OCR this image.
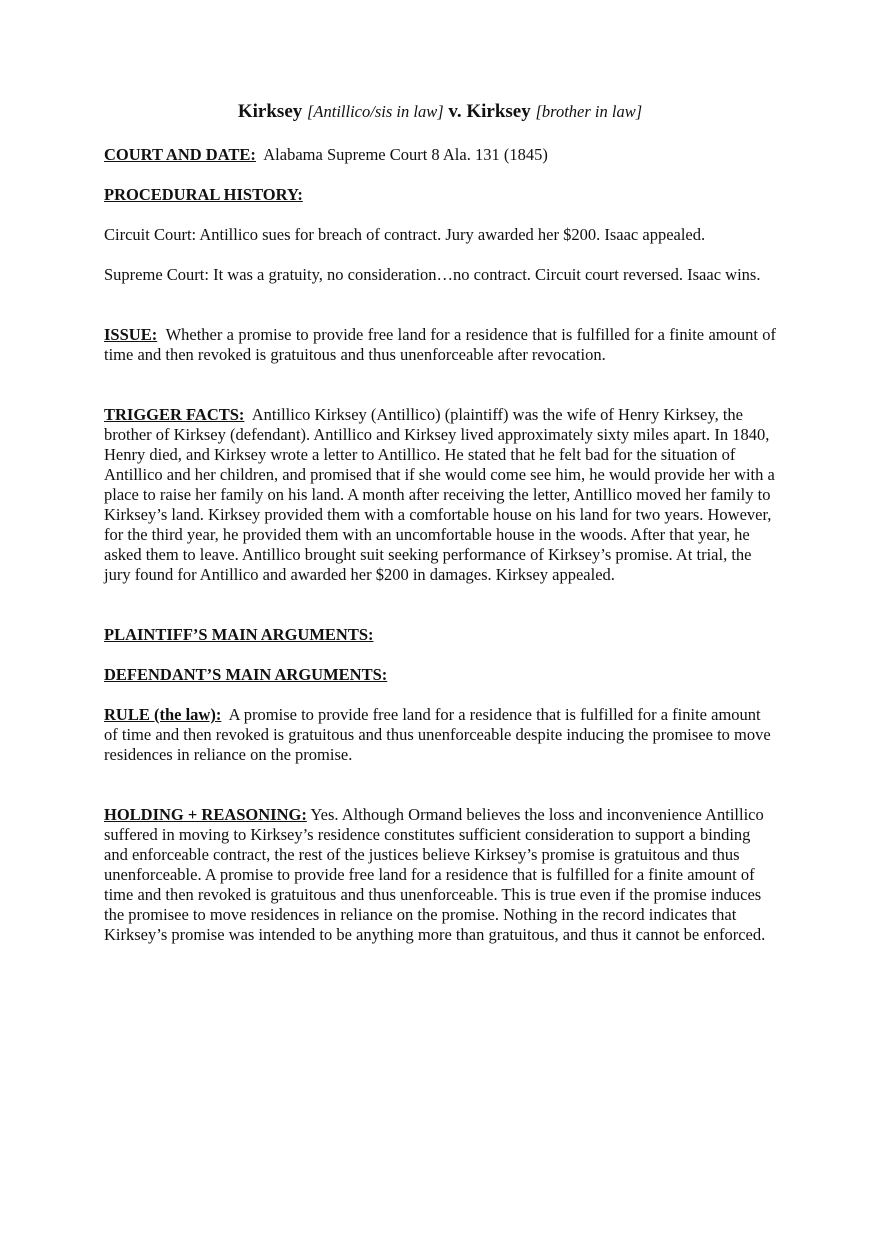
Kirksey [Antillico/sis in law] v. Kirksey [brother in law]
COURT AND DATE: Alabama Supreme Court 8 Ala. 131 (1845)
PROCEDURAL HISTORY:
Circuit Court: Antillico sues for breach of contract. Jury awarded her $200. Isaac appealed.
Supreme Court: It was a gratuity, no consideration…no contract. Circuit court reversed. Isaac wins.
ISSUE: Whether a promise to provide free land for a residence that is fulfilled for a finite amount of time and then revoked is gratuitous and thus unenforceable after revocation.
TRIGGER FACTS: Antillico Kirksey (Antillico) (plaintiff) was the wife of Henry Kirksey, the brother of Kirksey (defendant). Antillico and Kirksey lived approximately sixty miles apart. In 1840, Henry died, and Kirksey wrote a letter to Antillico. He stated that he felt bad for the situation of Antillico and her children, and promised that if she would come see him, he would provide her with a place to raise her family on his land. A month after receiving the letter, Antillico moved her family to Kirksey’s land. Kirksey provided them with a comfortable house on his land for two years. However, for the third year, he provided them with an uncomfortable house in the woods. After that year, he asked them to leave. Antillico brought suit seeking performance of Kirksey’s promise. At trial, the jury found for Antillico and awarded her $200 in damages. Kirksey appealed.
PLAINTIFF’S MAIN ARGUMENTS:
DEFENDANT’S MAIN ARGUMENTS:
RULE (the law): A promise to provide free land for a residence that is fulfilled for a finite amount of time and then revoked is gratuitous and thus unenforceable despite inducing the promisee to move residences in reliance on the promise.
HOLDING + REASONING: Yes. Although Ormand believes the loss and inconvenience Antillico suffered in moving to Kirksey’s residence constitutes sufficient consideration to support a binding and enforceable contract, the rest of the justices believe Kirksey’s promise is gratuitous and thus unenforceable. A promise to provide free land for a residence that is fulfilled for a finite amount of time and then revoked is gratuitous and thus unenforceable. This is true even if the promise induces the promisee to move residences in reliance on the promise. Nothing in the record indicates that Kirksey’s promise was intended to be anything more than gratuitous, and thus it cannot be enforced.
